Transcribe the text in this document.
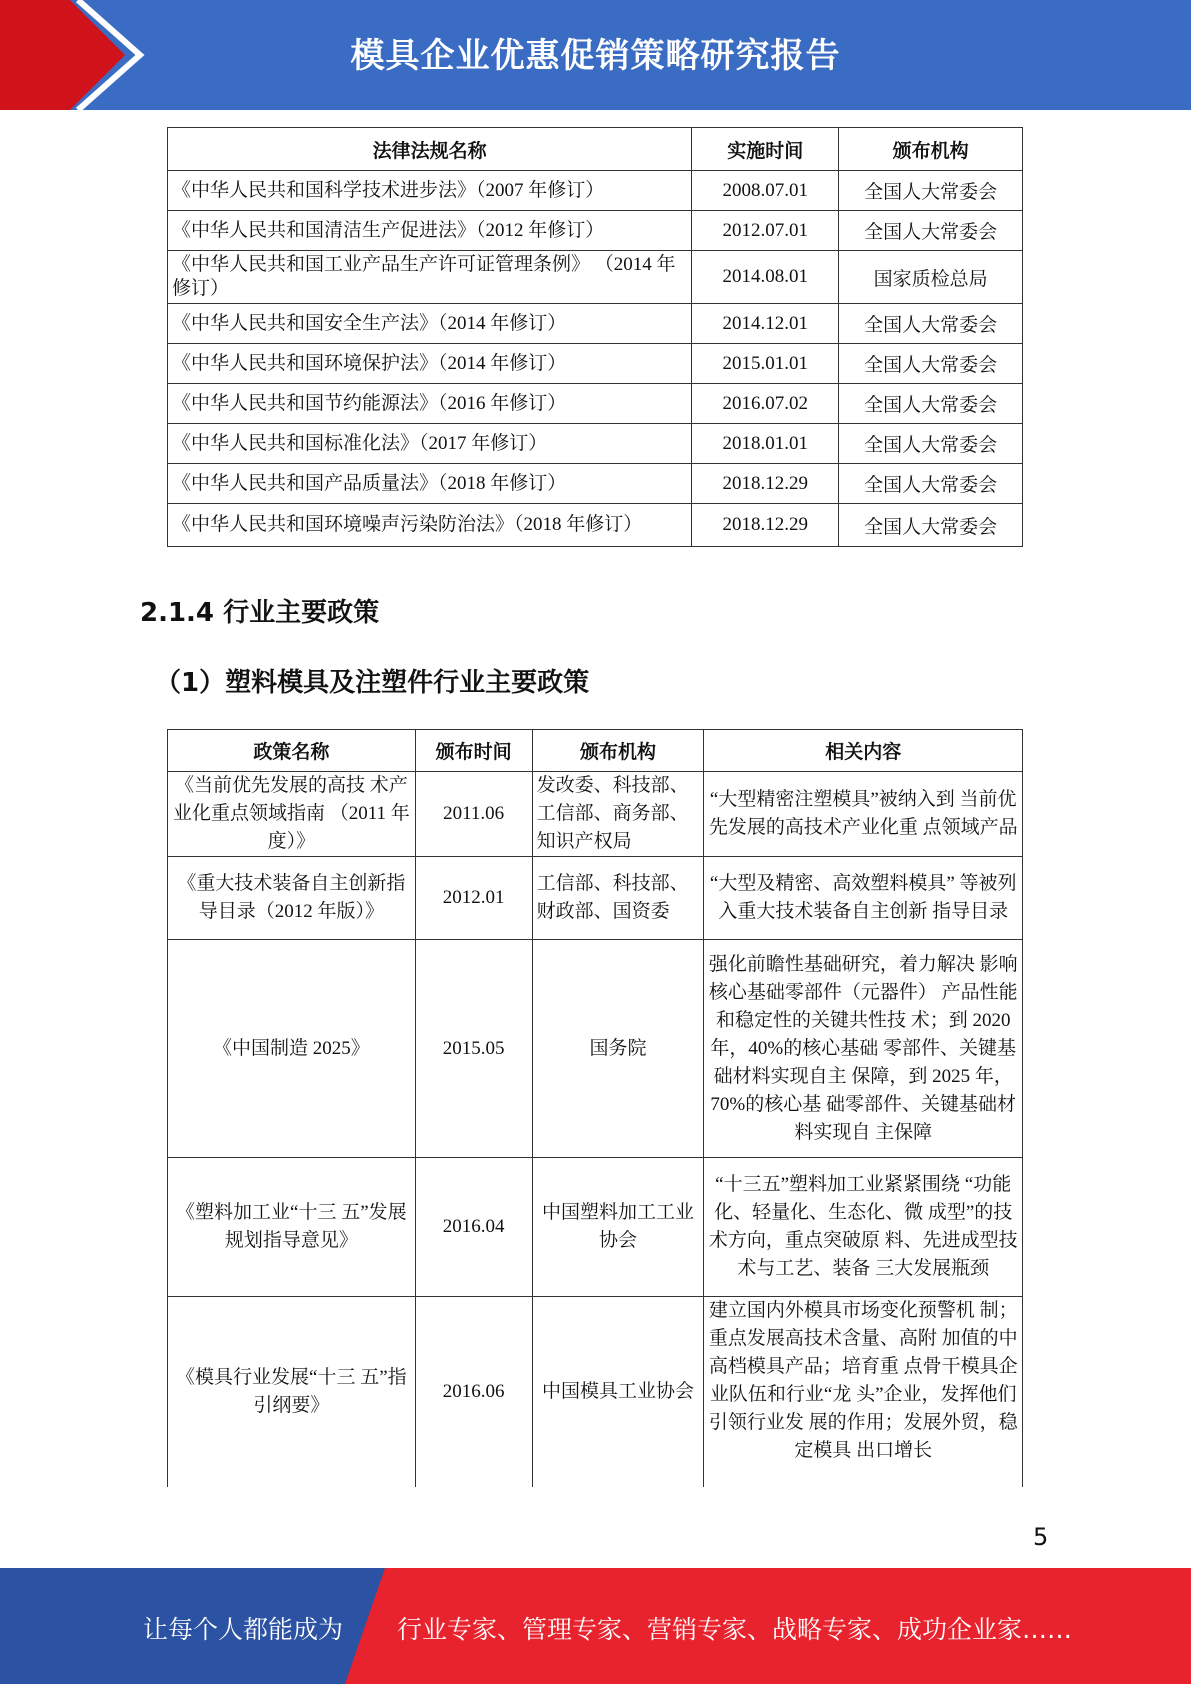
模具企业优惠促销策略研究报告
法律法规名称	实施时间	颁布机构
《中华人民共和国科学技术进步法》（2007 年修订）	2008.07.01	全国人大常委会
《中华人民共和国清洁生产促进法》（2012 年修订）	2012.07.01	全国人大常委会
《中华人民共和国工业产品生产许可证管理条例》 （2014 年修订）	2014.08.01	国家质检总局
《中华人民共和国安全生产法》（2014 年修订）	2014.12.01	全国人大常委会
《中华人民共和国环境保护法》（2014 年修订）	2015.01.01	全国人大常委会
《中华人民共和国节约能源法》（2016 年修订）	2016.07.02	全国人大常委会
《中华人民共和国标准化法》（2017 年修订）	2018.01.01	全国人大常委会
《中华人民共和国产品质量法》（2018 年修订）	2018.12.29	全国人大常委会
《中华人民共和国环境噪声污染防治法》（2018 年修订）	2018.12.29	全国人大常委会
2.1.4 行业主要政策
（1）塑料模具及注塑件行业主要政策
政策名称	颁布时间	颁布机构	相关内容
《当前优先发展的高技 术产业化重点领域指南 （2011 年度）》	2011.06	发改委、科技部、工信部、商务部、知识产权局	“大型精密注塑模具”被纳入到 当前优先发展的高技术产业化重 点领域产品
《重大技术装备自主创新指导目录（2012 年版）》	2012.01	工信部、科技部、财政部、国资委	“大型及精密、高效塑料模具” 等被列入重大技术装备自主创新 指导目录
《中国制造 2025》	2015.05	国务院	强化前瞻性基础研究，着力解决 影响核心基础零部件（元器件） 产品性能和稳定性的关键共性技 术；到 2020 年，40%的核心基础 零部件、关键基础材料实现自主 保障，到 2025 年，70%的核心基 础零部件、关键基础材料实现自 主保障
《塑料加工业“十三 五”发展规划指导意见》	2016.04	中国塑料加工工业协会	“十三五”塑料加工业紧紧围绕 “功能化、轻量化、生态化、微 成型”的技术方向，重点突破原 料、先进成型技术与工艺、装备 三大发展瓶颈
《模具行业发展“十三 五”指引纲要》	2016.06	中国模具工业协会	建立国内外模具市场变化预警机 制；重点发展高技术含量、高附 加值的中高档模具产品；培育重 点骨干模具企业队伍和行业“龙 头”企业，发挥他们引领行业发 展的作用；发展外贸，稳定模具 出口增长
5
让每个人都能成为 行业专家、管理专家、营销专家、战略专家、成功企业家……
